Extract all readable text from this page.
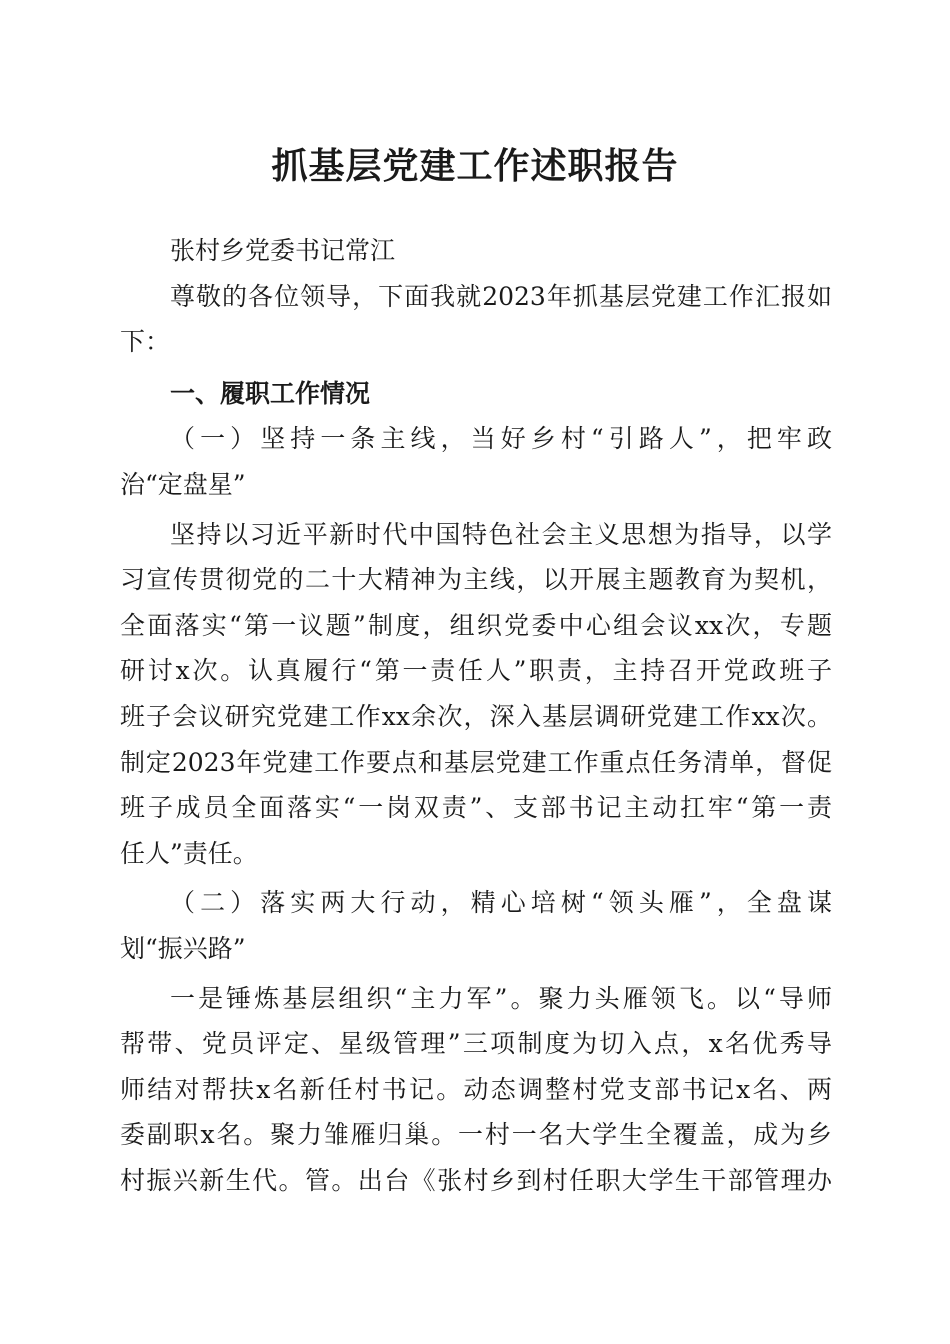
抓基层党建工作述职报告
张村乡党委书记常江
尊敬的各位领导，下面我就2023年抓基层党建工作汇报如
下：
一、履职工作情况
（一）坚持一条主线，当好乡村“引路人”，把牢政
治“定盘星”
坚持以习近平新时代中国特色社会主义思想为指导，以学
习宣传贯彻党的二十大精神为主线，以开展主题教育为契机，
全面落实“第一议题”制度，组织党委中心组会议xx次，专题
研讨x次。认真履行“第一责任人”职责，主持召开党政班子
班子会议研究党建工作xx余次，深入基层调研党建工作xx次。
制定2023年党建工作要点和基层党建工作重点任务清单，督促
班子成员全面落实“一岗双责”、支部书记主动扛牢“第一责
任人”责任。
（二）落实两大行动，精心培树“领头雁”，全盘谋
划“振兴路”
一是锤炼基层组织“主力军”。聚力头雁领飞。以“导师
帮带、党员评定、星级管理”三项制度为切入点，x名优秀导
师结对帮扶x名新任村书记。动态调整村党支部书记x名、两
委副职x名。聚力雏雁归巢。一村一名大学生全覆盖，成为乡
村振兴新生代。管。出台《张村乡到村任职大学生干部管理办
